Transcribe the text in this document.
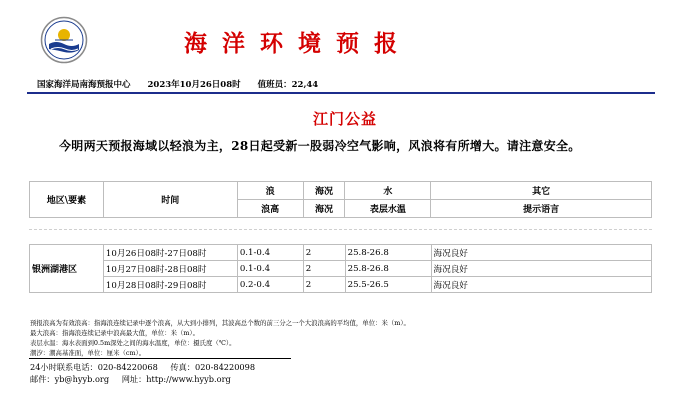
海洋环境预报
国家海洋局南海预报中心 2023年10月26日08时 值班员：22,44
江门公益
今明两天预报海域以轻浪为主，28日起受新一股弱冷空气影响，风浪将有所增大。请注意安全。
地区\要素	时间	浪	海况	水	其它
		浪高	海况	表层水温	提示语言
银洲湖港区	10月26日08时-27日08时	0.1-0.4	2	25.8-26.8	海况良好
	10月27日08时-28日08时	0.1-0.4	2	25.8-26.8	海况良好
	10月28日08时-29日08时	0.2-0.4	2	25.5-26.5	海况良好
预报浪高为有效浪高：指海浪连续记录中逐个浪高，从大到小排列，其波高总个数的前三分之一个大浪浪高的平均值，单位：米（m）。
最大浪高：指海浪连续记录中浪高最大值，单位：米（m）。
表层水温：海水表面到0.5m深处之间的海水温度，单位：摄氏度（℃）。
潮汐：潮高基准面，单位：厘米（cm）。
24小时联系电话：020-84220068 传真：020-84220098
邮件：yb@hyyb.org 网址：http://www.hyyb.org
